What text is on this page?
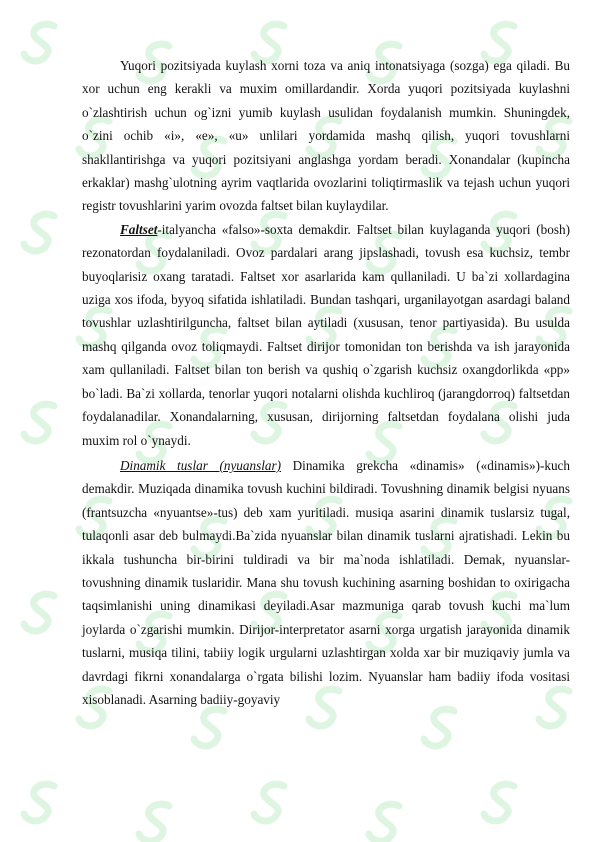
Yuqori pozitsiyada kuylash xorni toza va aniq intonatsiyaga (sozga) ega qiladi. Bu xor uchun eng kerakli va muxim omillardandir. Xorda yuqori pozitsiyada kuylashni o`zlashtirish uchun og`izni yumib kuylash usulidan foydalanish mumkin. Shuningdek, o`zini ochib «i», «e», «u» unlilari yordamida mashq qilish, yuqori tovushlarni shakllantirishga va yuqori pozitsiyani anglashga yordam beradi. Xonandalar (kupincha erkaklar) mashg`ulotning ayrim vaqtlarida ovozlarini toliqtirmaslik va tejash uchun yuqori registr tovushlarini yarim ovozda faltset bilan kuylaydilar.

Faltset-italyancha «falso»-soxta demakdir. Faltset bilan kuylaganda yuqori (bosh) rezonatordan foydalaniladi. Ovoz pardalari arang jipslashadi, tovush esa kuchsiz, tembr buyoqlarisiz oxang taratadi. Faltset xor asarlarida kam qullaniladi. U ba`zi xollardagina uziga xos ifoda, byyoq sifatida ishlatiladi. Bundan tashqari, urganilayotgan asardagi baland tovushlar uzlashtirilguncha, faltset bilan aytiladi (xususan, tenor partiyasida). Bu usulda mashq qilganda ovoz toliqmaydi. Faltset dirijor tomonidan ton berishda va ish jarayonida xam qullaniladi. Faltset bilan ton berish va qushiq o`zgarish kuchsiz oxangdorlikda «pp» bo`ladi. Ba`zi xollarda, tenorlar yuqori notalarni olishda kuchliroq (jarangdorroq) faltsetdan foydalanadilar. Xonandalarning, xususan, dirijorning faltsetdan foydalana olishi juda muxim rol o`ynaydi.

Dinamik tuslar (nyuanslar) Dinamika grekcha «dinamis» («dinamis»)-kuch demakdir. Muziqada dinamika tovush kuchini bildiradi. Tovushning dinamik belgisi nyuans (frantsuzcha «nyuantse»-tus) deb xam yuritiladi. musiqa asarini dinamik tuslarsiz tugal, tulaqonli asar deb bulmaydi.Ba`zida nyuanslar bilan dinamik tuslarni ajratishadi. Lekin bu ikkala tushuncha bir-birini tuldiradi va bir ma`noda ishlatiladi. Demak, nyuanslar-tovushning dinamik tuslaridir. Mana shu tovush kuchining asarning boshidan to oxirigacha taqsimlanishi uning dinamikasi deyiladi.Asar mazmuniga qarab tovush kuchi ma`lum joylarda o`zgarishi mumkin. Dirijor-interpretator asarni xorga urgatish jarayonida dinamik tuslarni, musiqa tilini, tabiiy logik urgularni uzlashtirgan xolda xar bir muziqaviy jumla va davrdagi fikrni xonandalarga o`rgata bilishi lozim. Nyuanslar ham badiiy ifoda vositasi xisoblanadi. Asarning badiiy-goyaviy
